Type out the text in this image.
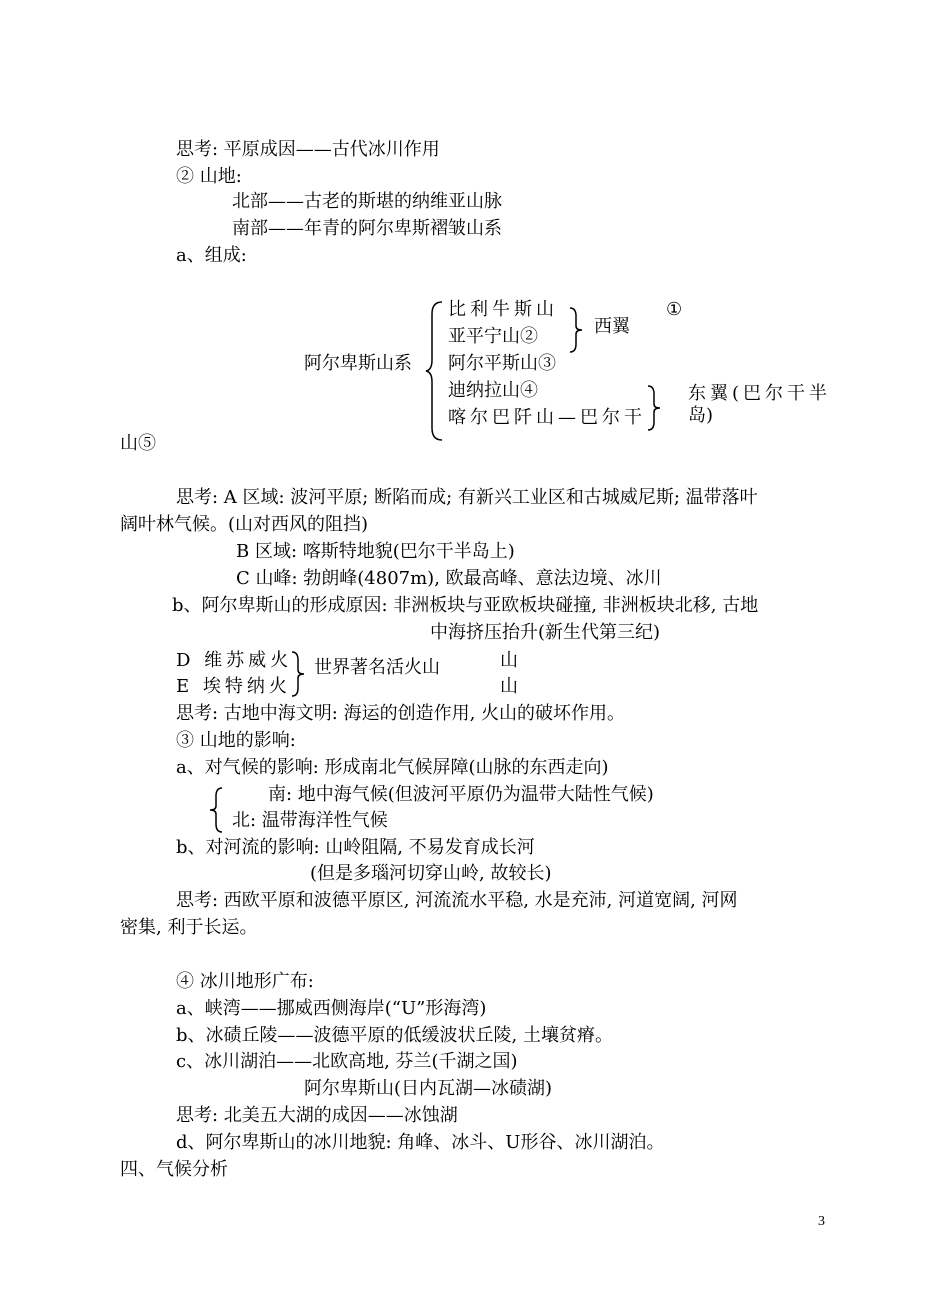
思考: 平原成因——古代冰川作用
② 山地:
北部——古老的斯堪的纳维亚山脉
南部——年青的阿尔卑斯褶皱山系
a、组成:
阿尔卑斯山系
比利牛斯山
亚平宁山②
阿尔平斯山③
迪纳拉山④
喀尔巴阡山—巴尔干
西翼
①
东翼(巴尔干半
岛)
山⑤
思考: A 区域: 波河平原; 断陷而成; 有新兴工业区和古城威尼斯; 温带落叶
阔叶林气候。(山对西风的阻挡)
B 区域: 喀斯特地貌(巴尔干半岛上)
C 山峰: 勃朗峰(4807m), 欧最高峰、意法边境、冰川
b、阿尔卑斯山的形成原因: 非洲板块与亚欧板块碰撞, 非洲板块北移, 古地
中海挤压抬升(新生代第三纪)
D 维苏威火
E 埃特纳火
世界著名活火山	山
山
思考: 古地中海文明: 海运的创造作用, 火山的破坏作用。
③ 山地的影响:
a、对气候的影响: 形成南北气候屏障(山脉的东西走向)
南: 地中海气候(但波河平原仍为温带大陆性气候)
北: 温带海洋性气候
b、对河流的影响: 山岭阻隔, 不易发育成长河
(但是多瑙河切穿山岭, 故较长)
思考: 西欧平原和波德平原区, 河流流水平稳, 水是充沛, 河道宽阔, 河网
密集, 利于长运。
④ 冰川地形广布:
a、峡湾——挪威西侧海岸(“U”形海湾)
b、冰碛丘陵——波德平原的低缓波状丘陵, 土壤贫瘠。
c、冰川湖泊——北欧高地, 芬兰(千湖之国)
阿尔卑斯山(日内瓦湖—冰碛湖)
思考: 北美五大湖的成因——冰蚀湖
d、阿尔卑斯山的冰川地貌: 角峰、冰斗、U形谷、冰川湖泊。
四、气候分析
3
